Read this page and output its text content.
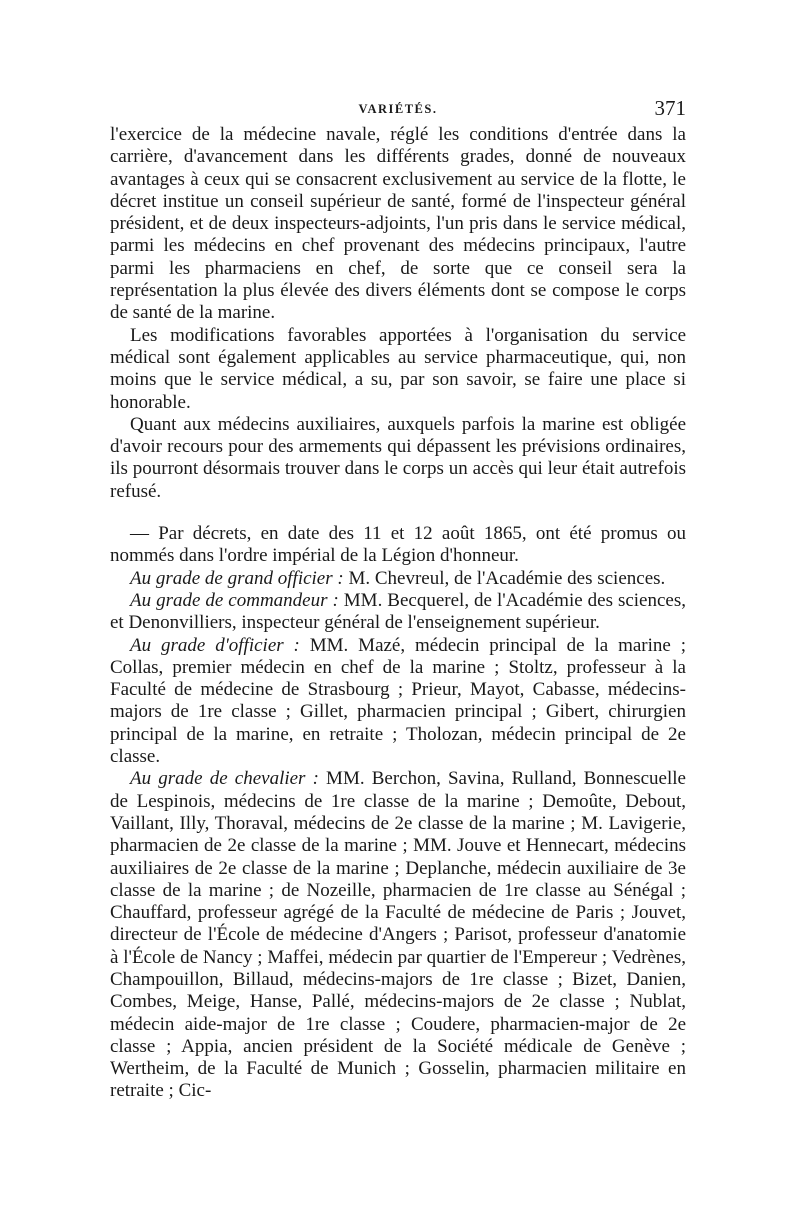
VARIÉTÉS.	371

l'exercice de la médecine navale, réglé les conditions d'entrée dans la carrière, d'avancement dans les différents grades, donné de nouveaux avantages à ceux qui se consacrent exclusivement au service de la flotte, le décret institue un conseil supérieur de santé, formé de l'inspecteur général président, et de deux inspecteurs-adjoints, l'un pris dans le service médical, parmi les médecins en chef provenant des médecins principaux, l'autre parmi les pharmaciens en chef, de sorte que ce conseil sera la représentation la plus élevée des divers éléments dont se compose le corps de santé de la marine.

Les modifications favorables apportées à l'organisation du service médical sont également applicables au service pharmaceutique, qui, non moins que le service médical, a su, par son savoir, se faire une place si honorable.

Quant aux médecins auxiliaires, auxquels parfois la marine est obligée d'avoir recours pour des armements qui dépassent les prévisions ordinaires, ils pourront désormais trouver dans le corps un accès qui leur était autrefois refusé.

— Par décrets, en date des 11 et 12 août 1865, ont été promus ou nommés dans l'ordre impérial de la Légion d'honneur.

Au grade de grand officier : M. Chevreul, de l'Académie des sciences.

Au grade de commandeur : MM. Becquerel, de l'Académie des sciences, et Denonvilliers, inspecteur général de l'enseignement supérieur.

Au grade d'officier : MM. Mazé, médecin principal de la marine ; Collas, premier médecin en chef de la marine ; Stoltz, professeur à la Faculté de médecine de Strasbourg ; Prieur, Mayot, Cabasse, médecins-majors de 1re classe ; Gillet, pharmacien principal ; Gibert, chirurgien principal de la marine, en retraite ; Tholozan, médecin principal de 2e classe.

Au grade de chevalier : MM. Berchon, Savina, Rulland, Bonnescuelle de Lespinois, médecins de 1re classe de la marine ; Demoûte, Debout, Vaillant, Illy, Thoraval, médecins de 2e classe de la marine ; M. Lavigerie, pharmacien de 2e classe de la marine ; MM. Jouve et Hennecart, médecins auxiliaires de 2e classe de la marine ; Deplanche, médecin auxiliaire de 3e classe de la marine ; de Nozeille, pharmacien de 1re classe au Sénégal ; Chauffard, professeur agrégé de la Faculté de médecine de Paris ; Jouvet, directeur de l'École de médecine d'Angers ; Parisot, professeur d'anatomie à l'École de Nancy ; Maffei, médecin par quartier de l'Empereur ; Vedrènes, Champouillon, Billaud, médecins-majors de 1re classe ; Bizet, Danien, Combes, Meige, Hanse, Pallé, médecins-majors de 2e classe ; Nublat, médecin aide-major de 1re classe ; Coudere, pharmacien-major de 2e classe ; Appia, ancien président de la Société médicale de Genève ; Wertheim, de la Faculté de Munich ; Gosselin, pharmacien militaire en retraite ; Cic-
